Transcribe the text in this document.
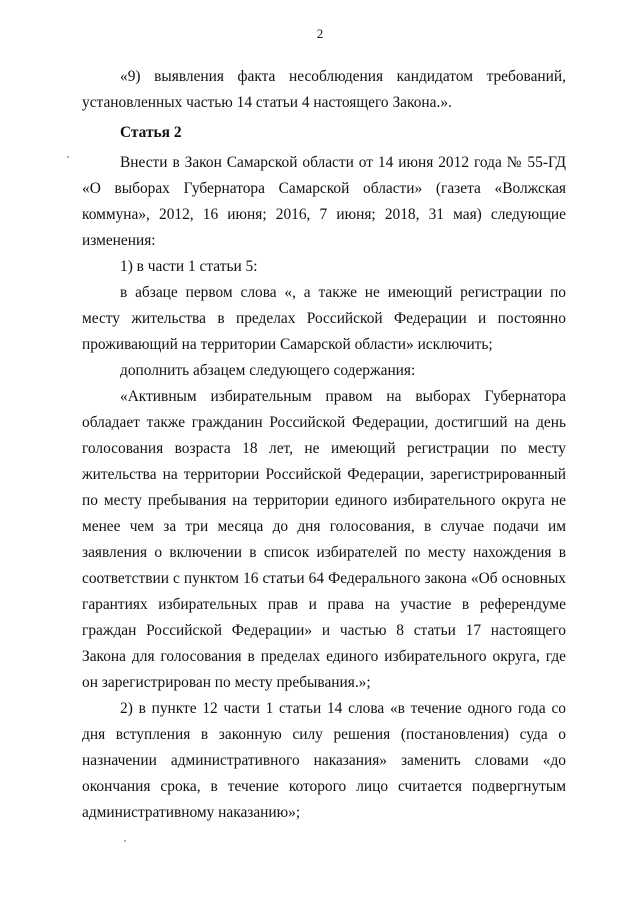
2

«9) выявления факта несоблюдения кандидатом требований, установленных частью 14 статьи 4 настоящего Закона.».

Статья 2

Внести в Закон Самарской области от 14 июня 2012 года № 55-ГД «О выборах Губернатора Самарской области» (газета «Волжская коммуна», 2012, 16 июня; 2016, 7 июня; 2018, 31 мая) следующие изменения:

1) в части 1 статьи 5:

в абзаце первом слова «, а также не имеющий регистрации по месту жительства в пределах Российской Федерации и постоянно проживающий на территории Самарской области» исключить;

дополнить абзацем следующего содержания:

«Активным избирательным правом на выборах Губернатора обладает также гражданин Российской Федерации, достигший на день голосования возраста 18 лет, не имеющий регистрации по месту жительства на территории Российской Федерации, зарегистрированный по месту пребывания на территории единого избирательного округа не менее чем за три месяца до дня голосования, в случае подачи им заявления о включении в список избирателей по месту нахождения в соответствии с пунктом 16 статьи 64 Федерального закона «Об основных гарантиях избирательных прав и права на участие в референдуме граждан Российской Федерации» и частью 8 статьи 17 настоящего Закона для голосования в пределах единого избирательного округа, где он зарегистрирован по месту пребывания.»;

2) в пункте 12 части 1 статьи 14 слова «в течение одного года со дня вступления в законную силу решения (постановления) суда о назначении административного наказания» заменить словами «до окончания срока, в течение которого лицо считается подвергнутым административному наказанию»;
